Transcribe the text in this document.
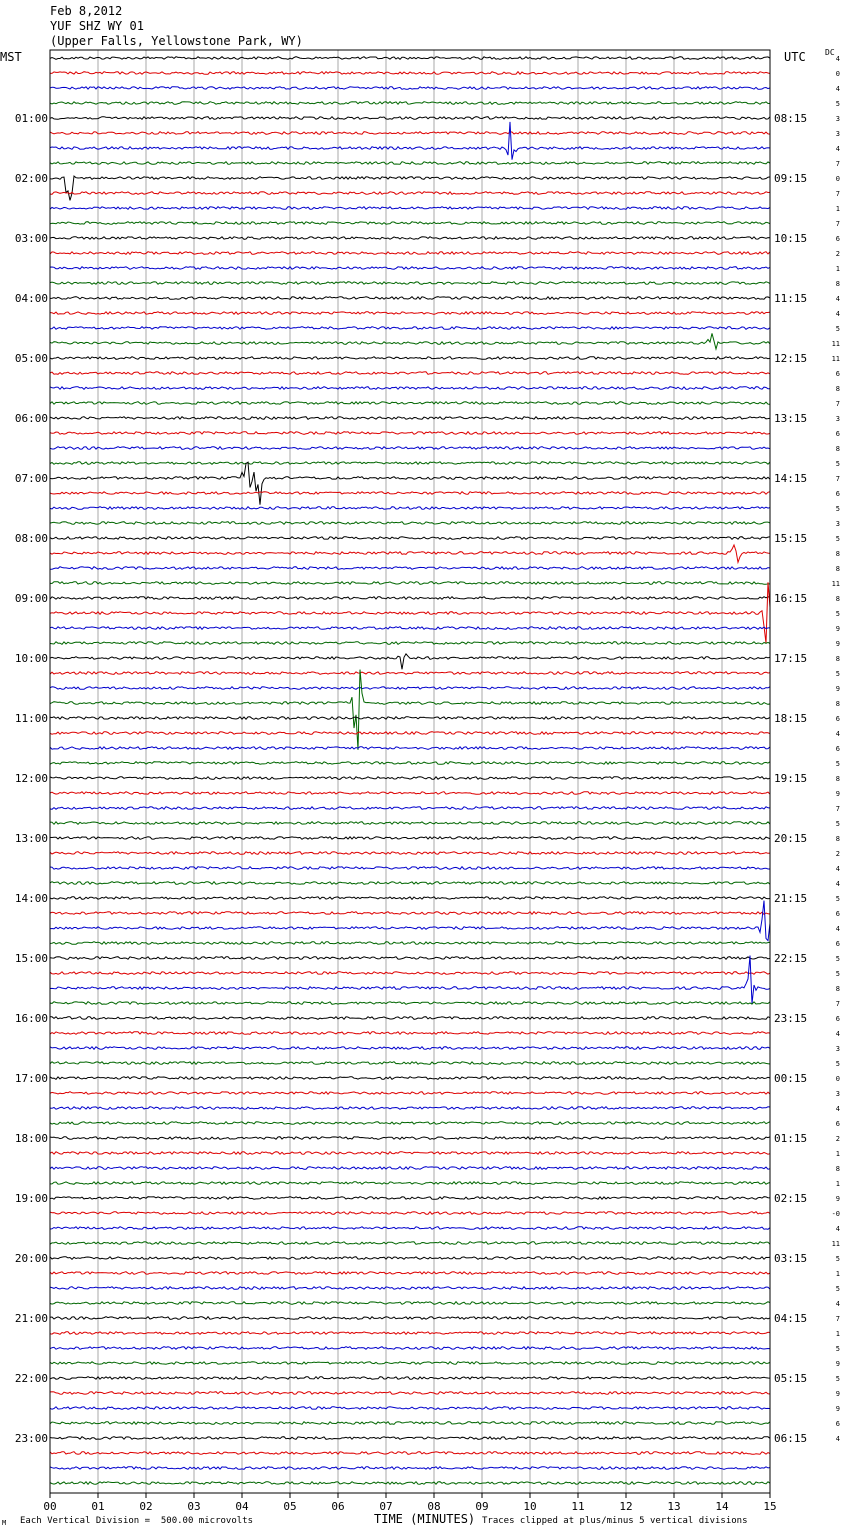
Feb 8,2012
YUF SHZ WY 01
(Upper Falls, Yellowstone Park, WY)
MST	UTC DC
4
0
4
5
3
3
4
7
0
7
1
7
6
2
1
8
4
4
5
11
11
6
8
7
3
6
8
5
7
6
5
3
5
8
8
11
8
5
9
9
8
5
9
8
6
4
6
5
8
9
7
5
8
2
4
4
5
6
4
6
5
5
8
7
6
4
3
5
0
3
4
6
2
1
8
1
9
-0
4
11
5
1
5
4
7
1
5
9
5
9
9
6
4
01:00	08:15
02:00	09:15
03:00	10:15
04:00	11:15
05:00	12:15
06:00	13:15
07:00	14:15
08:00	15:15
09:00	16:15
10:00	17:15
11:00	18:15
12:00	19:15
13:00	20:15
14:00	21:15
15:00	22:15
16:00	23:15
17:00	00:15
18:00	01:15
19:00	02:15
20:00	03:15
21:00	04:15
22:00	05:15
23:00	06:15
00	01	02	03	04	05	06	07	08	09	10	11	12	13	14	15
M Each Vertical Division =  500.00 microvolts	TIME (MINUTES) Traces clipped at plus/minus 5 vertical divisions
